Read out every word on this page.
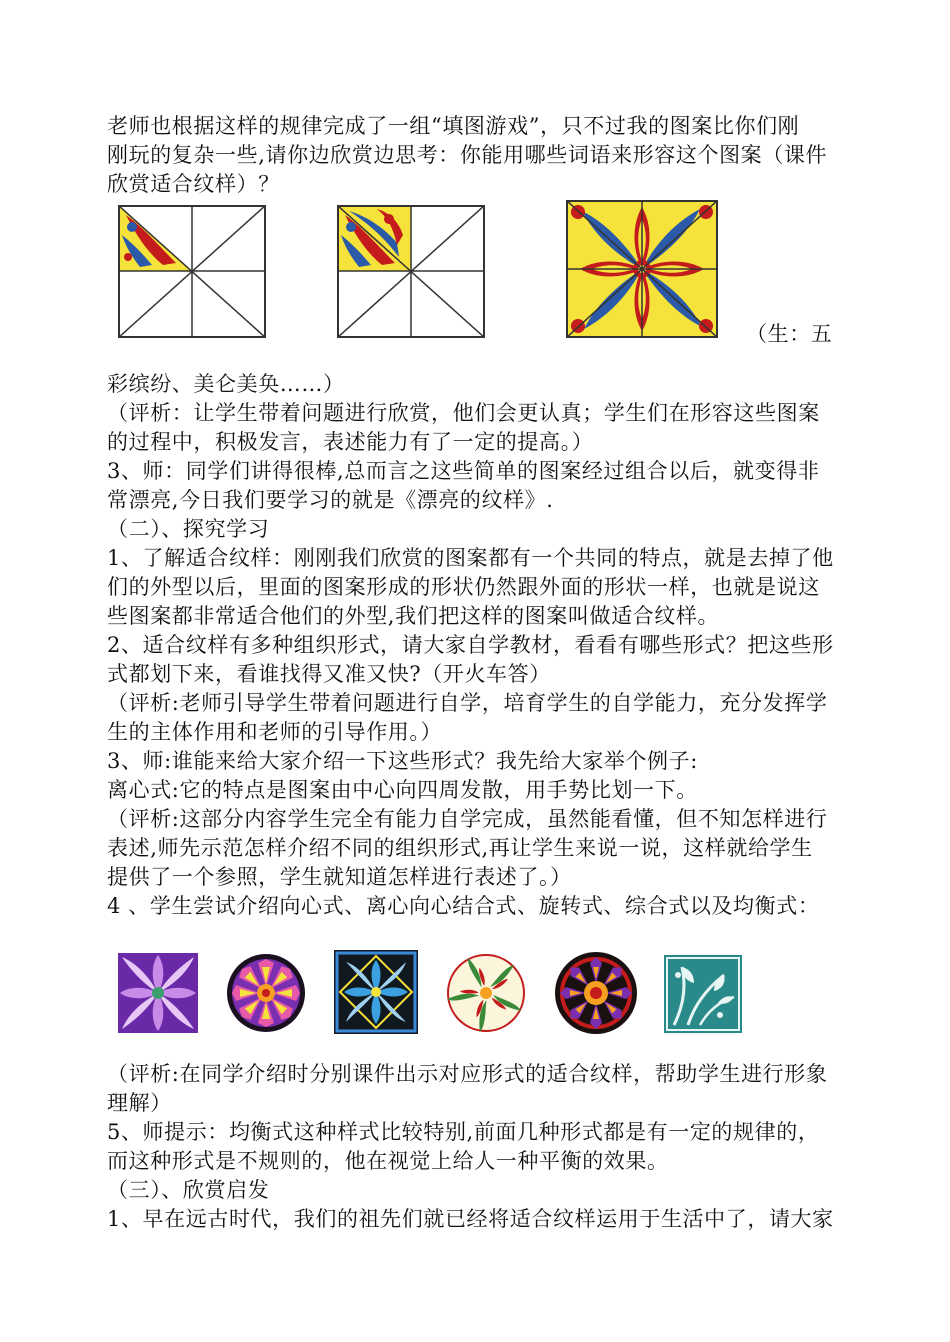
老师也根据这样的规律完成了一组“填图游戏”，只不过我的图案比你们刚
刚玩的复杂一些,请你边欣赏边思考：你能用哪些词语来形容这个图案（课件
欣赏适合纹样）？
（生：五
彩缤纷、美仑美奂……）
（评析：让学生带着问题进行欣赏，他们会更认真；学生们在形容这些图案
的过程中，积极发言，表述能力有了一定的提高。）
3、师：同学们讲得很棒,总而言之这些简单的图案经过组合以后，就变得非
常漂亮,今日我们要学习的就是《漂亮的纹样》.
（二）、探究学习
1、了解适合纹样：刚刚我们欣赏的图案都有一个共同的特点，就是去掉了他
们的外型以后，里面的图案形成的形状仍然跟外面的形状一样，也就是说这
些图案都非常适合他们的外型,我们把这样的图案叫做适合纹样。
2、适合纹样有多种组织形式，请大家自学教材，看看有哪些形式？把这些形
式都划下来，看谁找得又准又快?（开火车答）
（评析:老师引导学生带着问题进行自学，培育学生的自学能力，充分发挥学
生的主体作用和老师的引导作用。）
3、师:谁能来给大家介绍一下这些形式？我先给大家举个例子:
离心式:它的特点是图案由中心向四周发散，用手势比划一下。
（评析:这部分内容学生完全有能力自学完成，虽然能看懂，但不知怎样进行
表述,师先示范怎样介绍不同的组织形式,再让学生来说一说，这样就给学生
提供了一个参照，学生就知道怎样进行表述了。）
4 、学生尝试介绍向心式、离心向心结合式、旋转式、综合式以及均衡式：
（评析:在同学介绍时分别课件出示对应形式的适合纹样，帮助学生进行形象
理解）
5、师提示：均衡式这种样式比较特别,前面几种形式都是有一定的规律的，
而这种形式是不规则的，他在视觉上给人一种平衡的效果。
（三）、欣赏启发
1、早在远古时代，我们的祖先们就已经将适合纹样运用于生活中了，请大家
